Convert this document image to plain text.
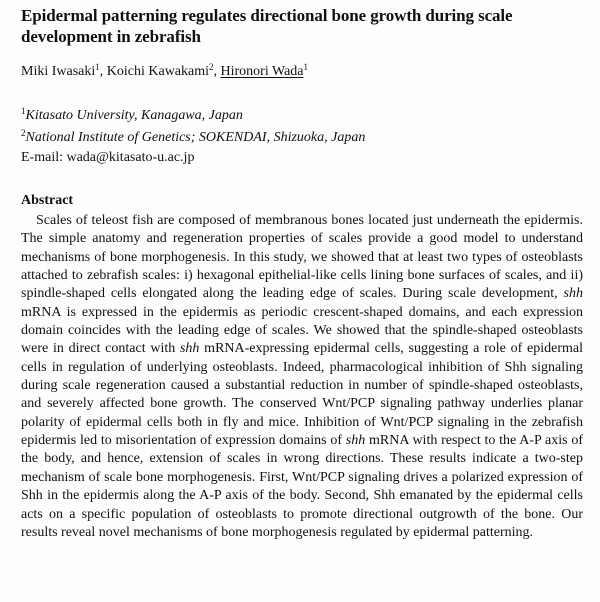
Epidermal patterning regulates directional bone growth during scale development in zebrafish
Miki Iwasaki$^1$, Koichi Kawakami$^2$, Hironori Wada$^1$
$^1$Kitasato University, Kanagawa, Japan
$^2$National Institute of Genetics; SOKENDAI, Shizuoka, Japan
E-mail: wada@kitasato-u.ac.jp
Abstract
Scales of teleost fish are composed of membranous bones located just underneath the epidermis. The simple anatomy and regeneration properties of scales provide a good model to understand mechanisms of bone morphogenesis. In this study, we showed that at least two types of osteoblasts attached to zebrafish scales: i) hexagonal epithelial-like cells lining bone surfaces of scales, and ii) spindle-shaped cells elongated along the leading edge of scales. During scale development, shh mRNA is expressed in the epidermis as periodic crescent-shaped domains, and each expression domain coincides with the leading edge of scales. We showed that the spindle-shaped osteoblasts were in direct contact with shh mRNA-expressing epidermal cells, suggesting a role of epidermal cells in regulation of underlying osteoblasts. Indeed, pharmacological inhibition of Shh signaling during scale regeneration caused a substantial reduction in number of spindle-shaped osteoblasts, and severely affected bone growth. The conserved Wnt/PCP signaling pathway underlies planar polarity of epidermal cells both in fly and mice. Inhibition of Wnt/PCP signaling in the zebrafish epidermis led to misorientation of expression domains of shh mRNA with respect to the A-P axis of the body, and hence, extension of scales in wrong directions. These results indicate a two-step mechanism of scale bone morphogenesis. First, Wnt/PCP signaling drives a polarized expression of Shh in the epidermis along the A-P axis of the body. Second, Shh emanated by the epidermal cells acts on a specific population of osteoblasts to promote directional outgrowth of the bone. Our results reveal novel mechanisms of bone morphogenesis regulated by epidermal patterning.
